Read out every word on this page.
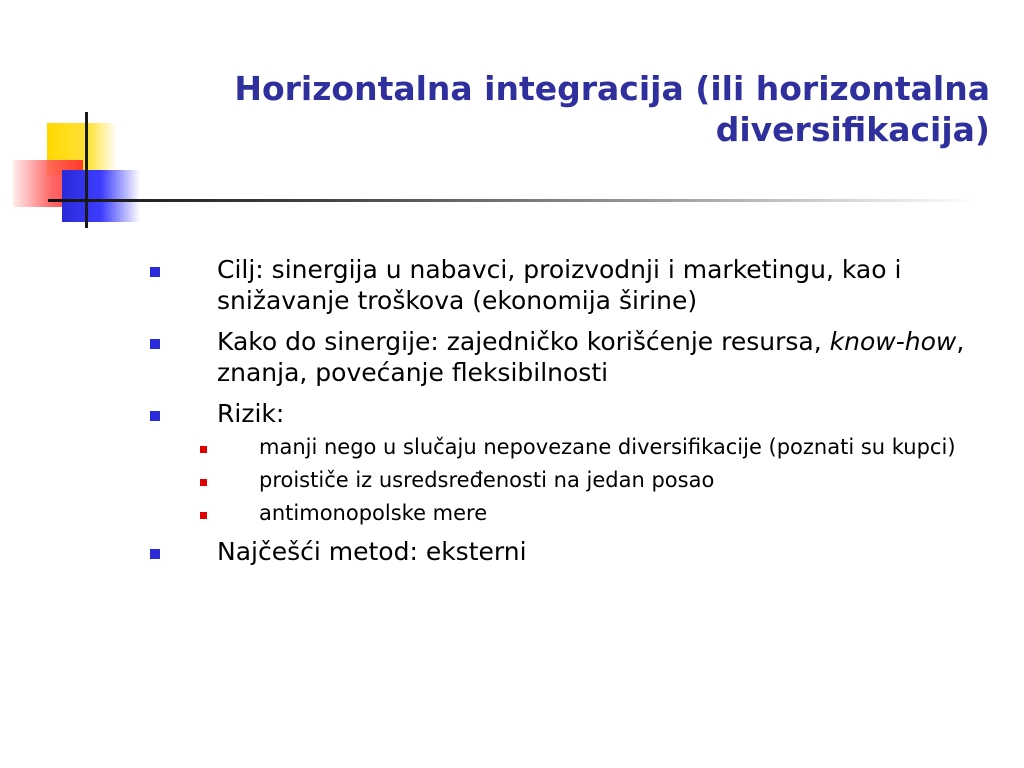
Horizontalna integracija (ili horizontalna
diversifikacija)
Cilj: sinergija u nabavci, proizvodnji i marketingu, kao i snižavanje troškova (ekonomija širine)
Kako do sinergije: zajedničko korišćenje resursa, know-how, znanja, povećanje fleksibilnosti
Rizik:
manji nego u slučaju nepovezane diversifikacije (poznati su kupci)
proističe iz usredsređenosti na jedan posao
antimonopolske mere
Najčešći metod: eksterni
